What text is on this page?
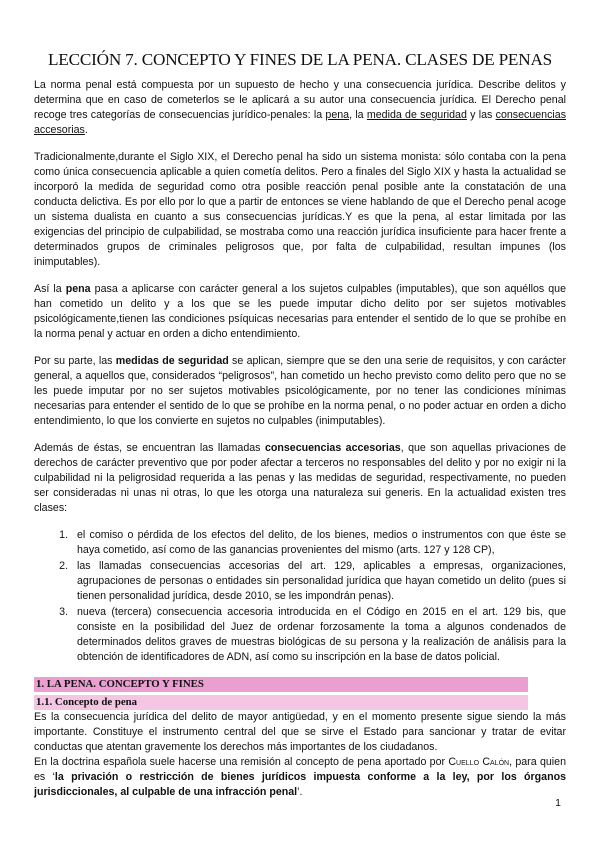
LECCIÓN 7. CONCEPTO Y FINES DE LA PENA. CLASES DE PENAS

La norma penal está compuesta por un supuesto de hecho y una consecuencia jurídica. Describe delitos y determina que en caso de cometerlos se le aplicará a su autor una consecuencia jurídica. El Derecho penal recoge tres categorías de consecuencias jurídico-penales: la pena, la medida de seguridad y las consecuencias accesorias.

Tradicionalmente,durante el Siglo XIX, el Derecho penal ha sido un sistema monista: sólo contaba con la pena como única consecuencia aplicable a quien cometía delitos. Pero a finales del Siglo XIX y hasta la actualidad se incorporó la medida de seguridad como otra posible reacción penal posible ante la constatación de una conducta delictiva. Es por ello por lo que a partir de entonces se viene hablando de que el Derecho penal acoge un sistema dualista en cuanto a sus consecuencias jurídicas.Y es que la pena, al estar limitada por las exigencias del principio de culpabilidad, se mostraba como una reacción jurídica insuficiente para hacer frente a determinados grupos de criminales peligrosos que, por falta de culpabilidad, resultan impunes (los inimputables).

Así la pena pasa a aplicarse con carácter general a los sujetos culpables (imputables), que son aquéllos que han cometido un delito y a los que se les puede imputar dicho delito por ser sujetos motivables psicológicamente,tienen las condiciones psíquicas necesarias para entender el sentido de lo que se prohíbe en la norma penal y actuar en orden a dicho entendimiento.

Por su parte, las medidas de seguridad se aplican, siempre que se den una serie de requisitos, y con carácter general, a aquellos que, considerados “peligrosos”, han cometido un hecho previsto como delito pero que no se les puede imputar por no ser sujetos motivables psicológicamente, por no tener las condiciones mínimas necesarias para entender el sentido de lo que se prohíbe en la norma penal, o no poder actuar en orden a dicho entendimiento, lo que los convierte en sujetos no culpables (inimputables).

Además de éstas, se encuentran las llamadas consecuencias accesorias, que son aquellas privaciones de derechos de carácter preventivo que por poder afectar a terceros no responsables del delito y por no exigir ni la culpabilidad ni la peligrosidad requerida a las penas y las medidas de seguridad, respectivamente, no pueden ser consideradas ni unas ni otras, lo que les otorga una naturaleza sui generis. En la actualidad existen tres clases:

1. el comiso o pérdida de los efectos del delito, de los bienes, medios o instrumentos con que éste se haya cometido, así como de las ganancias provenientes del mismo (arts. 127 y 128 CP),
2. las llamadas consecuencias accesorias del art. 129, aplicables a empresas, organizaciones, agrupaciones de personas o entidades sin personalidad jurídica que hayan cometido un delito (pues si tienen personalidad jurídica, desde 2010, se les impondrán penas).
3. nueva (tercera) consecuencia accesoria introducida en el Código en 2015 en el art. 129 bis, que consiste en la posibilidad del Juez de ordenar forzosamente la toma a algunos condenados de determinados delitos graves de muestras biológicas de su persona y la realización de análisis para la obtención de identificadores de ADN, así como su inscripción en la base de datos policial.
1. LA PENA. CONCEPTO Y FINES
1.1. Concepto de pena

Es la consecuencia jurídica del delito de mayor antigüedad, y en el momento presente sigue siendo la más importante. Constituye el instrumento central del que se sirve el Estado para sancionar y tratar de evitar conductas que atentan gravemente los derechos más importantes de los ciudadanos.

En la doctrina española suele hacerse una remisión al concepto de pena aportado por Cuello Calón, para quien es ‘la privación o restricción de bienes jurídicos impuesta conforme a la ley, por los órganos jurisdiccionales, al culpable de una infracción penal’.

1
